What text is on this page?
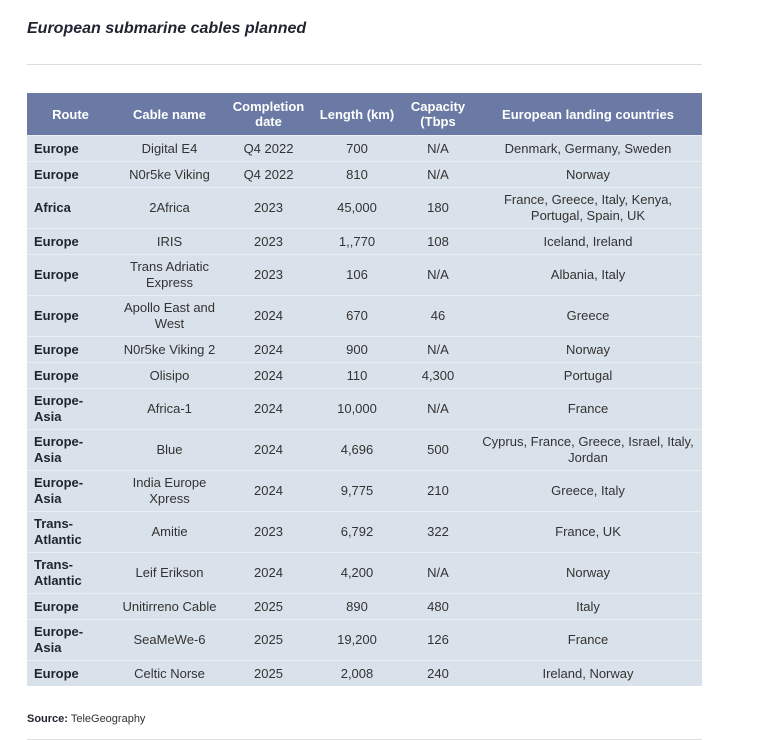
European submarine cables planned
Route	Cable name	Completion date	Length (km)	Capacity (Tbps	European landing countries
Europe	Digital E4	Q4 2022	700	N/A	Denmark, Germany, Sweden
Europe	N0r5ke Viking	Q4 2022	810	N/A	Norway
Africa	2Africa	2023	45,000	180	France, Greece, Italy, Kenya, Portugal, Spain, UK
Europe	IRIS	2023	1,,770	108	Iceland, Ireland
Europe	Trans Adriatic Express	2023	106	N/A	Albania, Italy
Europe	Apollo East and West	2024	670	46	Greece
Europe	N0r5ke Viking 2	2024	900	N/A	Norway
Europe	Olisipo	2024	110	4,300	Portugal
Europe-Asia	Africa-1	2024	10,000	N/A	France
Europe-Asia	Blue	2024	4,696	500	Cyprus, France, Greece, Israel, Italy, Jordan
Europe-Asia	India Europe Xpress	2024	9,775	210	Greece, Italy
Trans-Atlantic	Amitie	2023	6,792	322	France, UK
Trans-Atlantic	Leif Erikson	2024	4,200	N/A	Norway
Europe	Unitirreno Cable	2025	890	480	Italy
Europe-Asia	SeaMeWe-6	2025	19,200	126	France
Europe	Celtic Norse	2025	2,008	240	Ireland, Norway
Source: TeleGeography
